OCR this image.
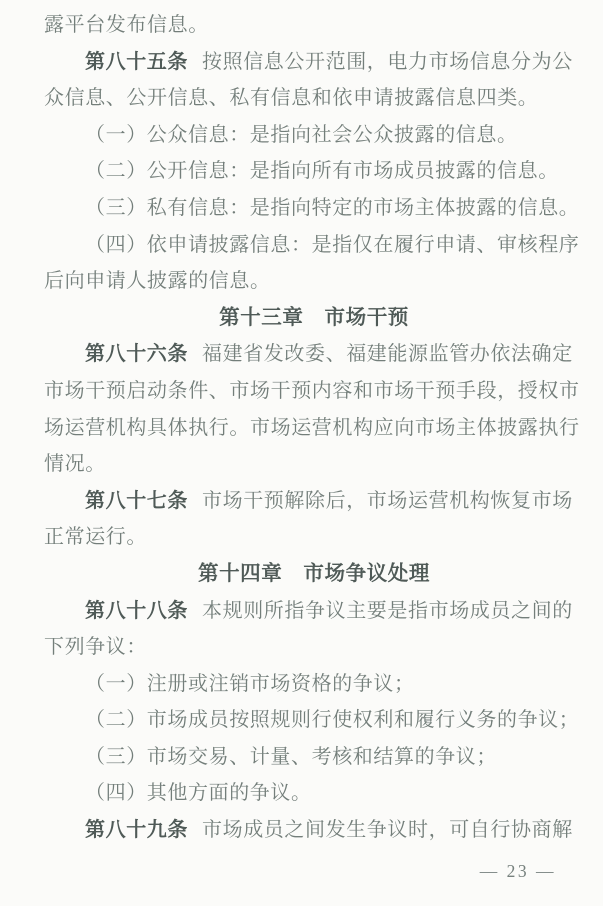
露平台发布信息。
第八十五条 按照信息公开范围，电力市场信息分为公
众信息、公开信息、私有信息和依申请披露信息四类。
（一）公众信息：是指向社会公众披露的信息。
（二）公开信息：是指向所有市场成员披露的信息。
（三）私有信息：是指向特定的市场主体披露的信息。
（四）依申请披露信息：是指仅在履行申请、审核程序
后向申请人披露的信息。
第十三章 市场干预
第八十六条 福建省发改委、福建能源监管办依法确定
市场干预启动条件、市场干预内容和市场干预手段，授权市
场运营机构具体执行。市场运营机构应向市场主体披露执行
情况。
第八十七条 市场干预解除后，市场运营机构恢复市场
正常运行。
第十四章 市场争议处理
第八十八条 本规则所指争议主要是指市场成员之间的
下列争议：
（一）注册或注销市场资格的争议；
（二）市场成员按照规则行使权利和履行义务的争议；
（三）市场交易、计量、考核和结算的争议；
（四）其他方面的争议。
第八十九条 市场成员之间发生争议时，可自行协商解
— 23 —
